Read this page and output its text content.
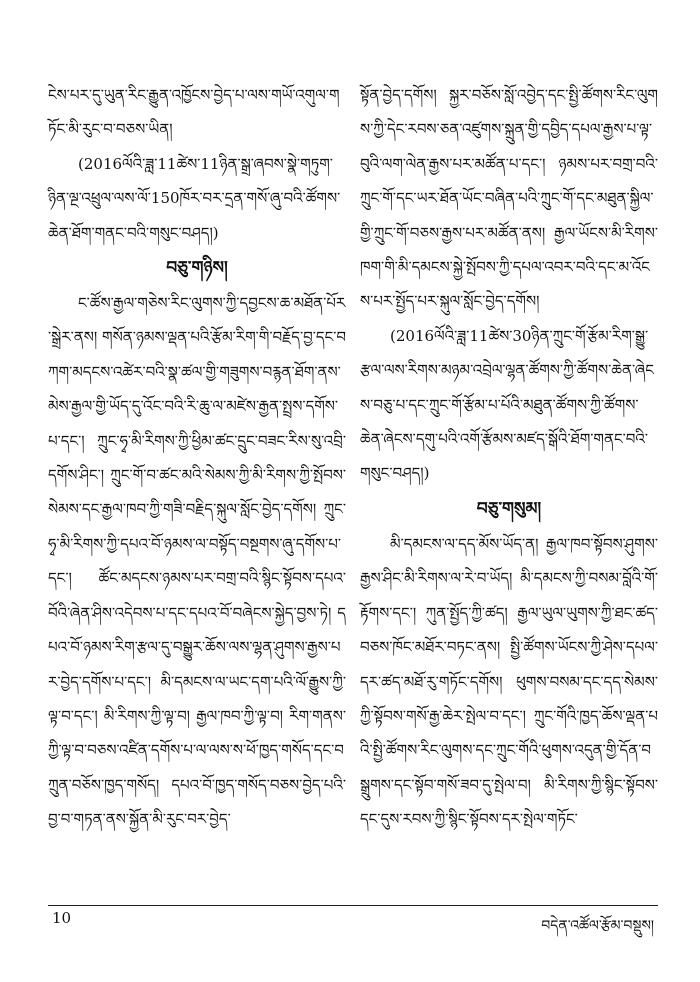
ངེས་པར་དུ་ཡུན་རིང་རྒྱུན་འཁྱོངས་བྱེད་པ་ལས་གཡོ་འགུལ་གཏོང་མི་རུང་བ་བཅས་ཡིན།

(2016ལོའི་ཟླ་11ཚེས་11ཉིན་སྒྲ་ཞབས་སྣེ་གཏུག་ཉིན་ལྔ་འཕྲུལ་ལས་ལོ་150ཁོར་བར་དྲན་གསོ་ཞུ་བའི་ཚོགས་ཆེན་ཐོག་གནང་བའི་གསུང་བཤད།)

བཅུ་གཉིས།

ང་ཚོས་རྒྱལ་གཅེས་རིང་ལུགས་ཀྱི་དབྱངས་ཆ་མཐོན་པོར་སྒྲེར་ནས། གསོན་ཉམས་ལྡན་པའི་རྩོམ་རིག་གི་བརྗོད་བྱ་དང་བཀག་མདངས་འཚེར་བའི་སྣ་ཚལ་གྱི་གཟུགས་བརྙན་ཐོག་ནས་མེས་རྒྱལ་གྱི་ཡོད་དུ་འོང་བའི་རི་ཆུ་ལ་མཛེས་རྒྱན་སྤྲས་དགོས་པ་དང་། ཀྲུང་ཧྭ་མི་རིགས་ཀྱི་ཕྱིམ་ཚང་དྲུང་བཟང་རིས་སུ་འབྲི་དགོས་ཤིང་། ཀྲུང་གོ་བ་ཚང་མའི་སེམས་ཀྱི་མི་རིགས་ཀྱི་སྤོབས་སེམས་དང་རྒྱལ་ཁབ་ཀྱི་གཟི་བརྗིད་སྐུལ་སློང་བྱེད་དགོས། ཀྲུང་ཧྭ་མི་རིགས་ཀྱི་དཔའ་བོ་ཉམས་ལ་བསྟོད་བསྔགས་ཞུ་དགོས་པ་དང་། ཚོང་མདངས་ཉམས་པར་བགྲ་བའི་སྙིང་སྟོབས་དཔའ་བོའི་ཞེན་ཤིས་འདེབས་པ་དང་དཔའ་བོ་བཞེངས་སྐྱེད་བྱས་ཏེ། དཔའ་བོ་ཉམས་རིག་རྩལ་དུ་བསྒྱུར་ཆོས་ལས་ལྷན་ཤུགས་རྒྱས་པར་བྱེད་དགོས་པ་དང་། མི་དམངས་ལ་ཡང་དག་པའི་ལོ་རྒྱུས་ཀྱི་ལྟ་བ་དང་། མི་རིགས་ཀྱི་ལྟ་བ། རྒྱལ་ཁབ་ཀྱི་ལྟ་བ། རིག་གནས་ཀྱི་ལྟ་བ་བཅས་འཛིན་དགོས་པ་ལ་ལས་ས་ཕོ་ཁྱད་གསོད་དང་བཀྲུན་བཅོས་ཁྱད་གསོད། དཔའ་བོ་ཁྱད་གསོད་བཅས་བྱེད་པའི་བྱ་བ་གཏན་ནས་སྐྱོན་མི་རུང་བར་བྱེད་

སྟོན་བྱེད་དགོས། སྐྱར་བཅོས་སློ་འབྱེད་དང་སྤྱི་ཚོགས་རིང་ལུགས་ཀྱི་དེང་རབས་ཅན་འཛུགས་སྐྲུན་གྱི་དབྱིད་དཔལ་རྒྱས་པ་ལྟ་བུའི་ལག་ལེན་རྒྱས་པར་མཚོན་པ་དང་། ཉམས་པར་བགྲ་བའི་ཀྲུང་གོ་དང་ཡར་ཐོན་ཡོང་བཞིན་པའི་ཀྲུང་གོ་དང་མཐུན་སྐྱིལ་གྱི་ཀྲུང་གོ་བཅས་རྒྱས་པར་མཚོན་ནས། རྒྱལ་ཡོངས་མི་རིགས་ཁག་གི་མི་དམངས་སྐྱེ་སྤོབས་ཀྱི་དཔལ་འབར་བའི་དང་མ་འོངས་པར་སྤྱོད་པར་སྐུལ་སློང་བྱེད་དགོས།

(2016ལོའི་ཟླ་11ཚེས་30ཉིན་ཀྲུང་གོ་རྩོམ་རིག་སྒྱུ་རྩལ་ལས་རིགས་མཉམ་འབྲེལ་ལྷན་ཚོགས་ཀྱི་ཚོགས་ཆེན་ཞེངས་བཅུ་པ་དང་ཀྲུང་གོ་རྩོམ་པ་པོའི་མཐུན་ཚོགས་ཀྱི་ཚོགས་ཆེན་ཞེངས་དགུ་པའི་འགོ་རྩོམས་མཛད་སྒོའི་ཐོག་གནང་བའི་གསུང་བཤད།)

བཅུ་གསུམ།

མི་དམངས་ལ་དད་མོས་ཡོད་ན། རྒྱལ་ཁབ་སྟོབས་ཤུགས་རྒྱས་ཤིང་མི་རིགས་ལ་རེ་བ་ཡོད། མི་དམངས་ཀྱི་བསམ་བློའི་གོ་རྟོགས་དང་། ཀུན་སྤྱོད་ཀྱི་ཚད། རྒྱལ་ཡུལ་ཡུགས་ཀྱི་ཐང་ཚད་བཅས་ཁོང་མཐོར་བཏང་ནས། སྤྱི་ཚོགས་ཡོངས་ཀྱི་ཤེས་དཔལ་དར་ཚད་མཐོ་རུ་གཏོང་དགོས། ཕུགས་བསམ་དང་དད་སེམས་ཀྱི་སྟོབས་གསོ་རྒྱ་ཆེར་སྤེལ་བ་དང་། ཀྲུང་གོའི་ཁྱད་ཆོས་ལྡན་པའི་སྤྱི་ཚོགས་རིང་ལུགས་དང་ཀྲུང་གོའི་ཕུགས་འདུན་གྱི་དོན་བསྒྲུགས་དང་སྟོབ་གསོ་ཟབ་དུ་སྤེལ་བ། མི་རིགས་ཀྱི་སྙིང་སྟོབས་དང་དུས་རབས་ཀྱི་སྙིང་སྟོབས་དར་སྤེལ་གཏོང་

10	བདེན་འཚོལ་རྩོམ་བསྡུས།
